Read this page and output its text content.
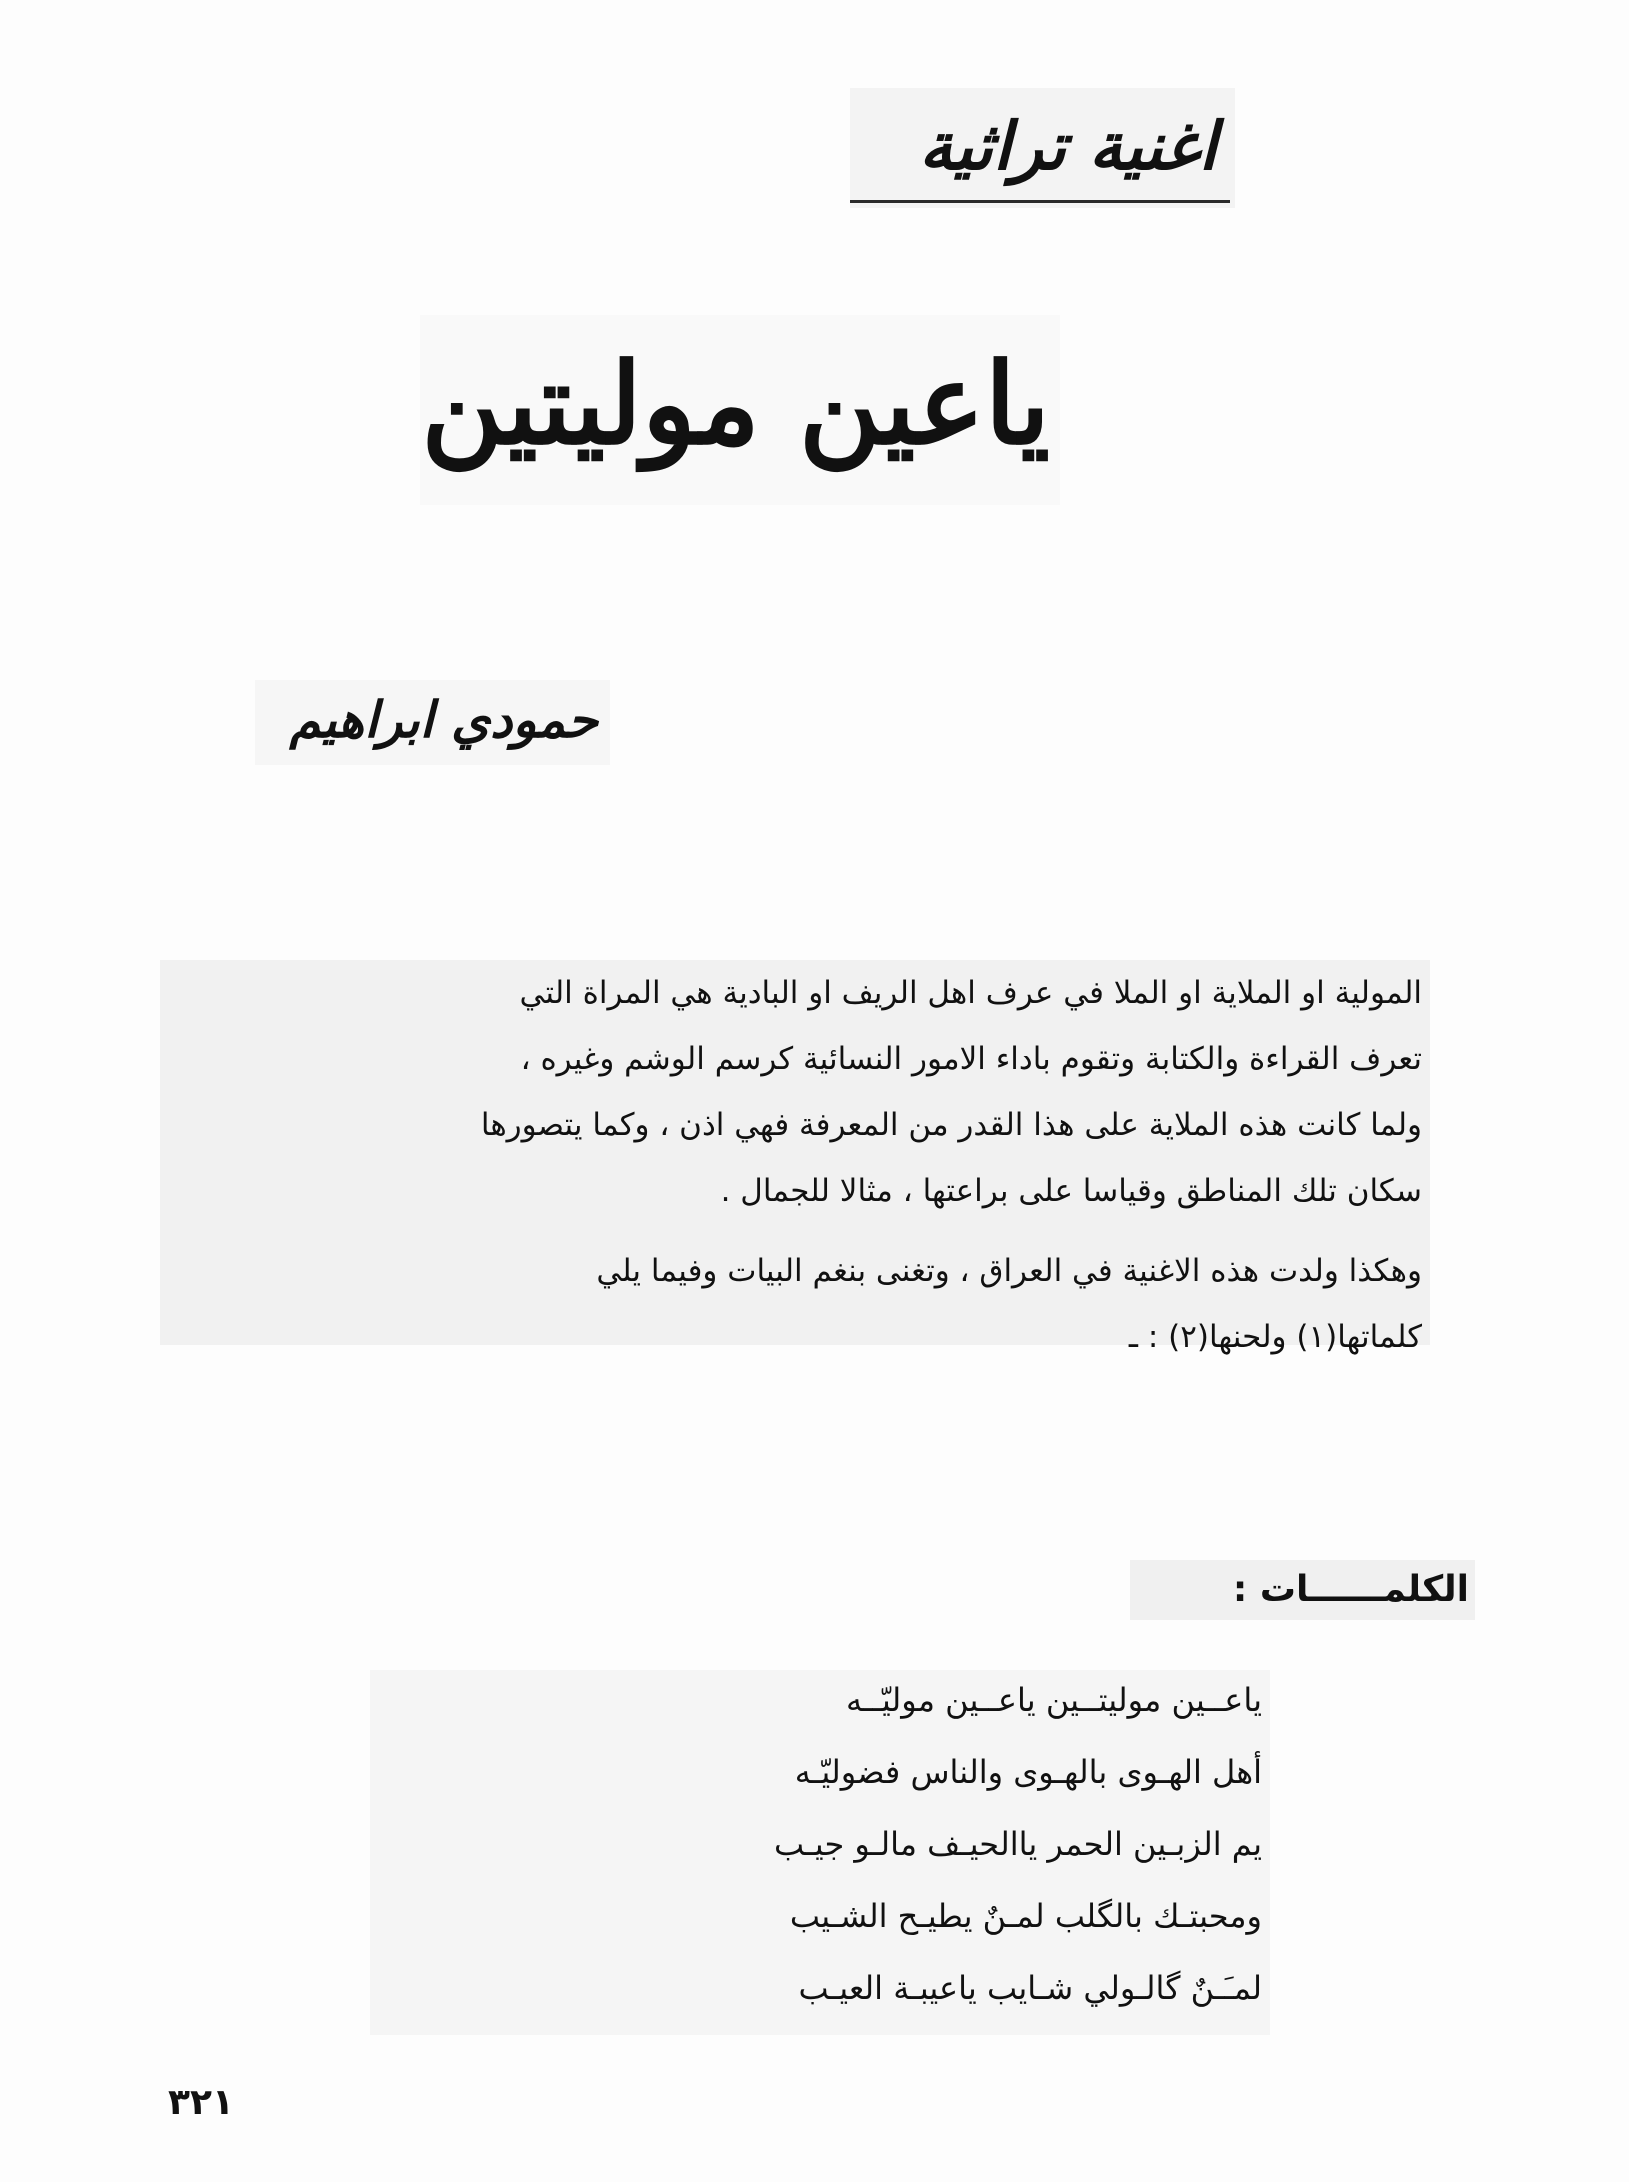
اغنية تراثية
ياعين موليتين
حمودي ابراهيم
المولية او الملاية او الملا في عرف اهل الريف او البادية هي المراة التي
تعرف القراءة والكتابة وتقوم باداء الامور النسائية كرسم الوشم وغيره ،
ولما كانت هذه الملاية على هذا القدر من المعرفة فهي اذن ، وكما يتصورها
سكان تلك المناطق وقياسا على براعتها ، مثالا للجمال .
وهكذا ولدت هذه الاغنية في العراق ، وتغنى بنغم البيات وفيما يلي
كلماتها(١) ولحنها(٢) : ـ
الكلمــــــات :
ياعــين موليتــين ياعــين موليّــه
أهل الهـوى بالهـوى والناس فضوليّـه
يم الزبـين الحمر ياالحيـف مالـو جيـب
ومحبتـك بالگلب لمـنٌ يطيـح الشـيب
لمـَـنٌ گالـولي شـايب ياعيبـة العيـب
٣٢١
